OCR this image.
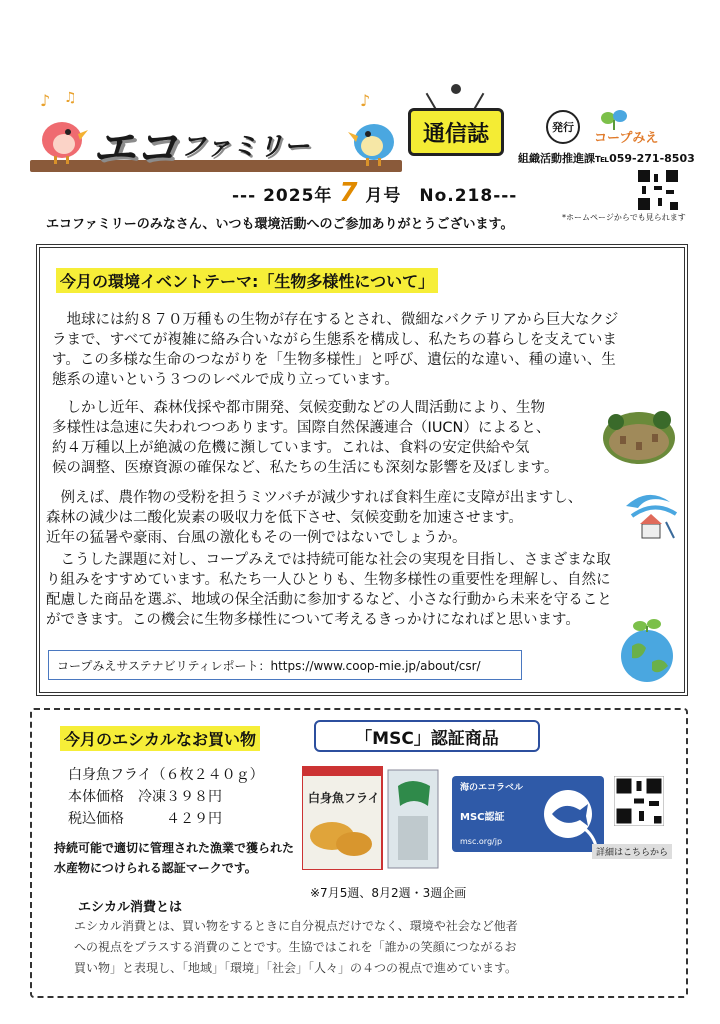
♪ ♫
エコ ファミリー
♪
通信誌	発行
コープみえ
組織活動推進課℡059-271-8503
--- 2025年 7 月号　No.218---
エコファミリーのみなさん、いつも環境活動へのご参加ありがとうございます。	*ホームページからでも見られます
今月の環境イベントテーマ:「生物多様性について」
　地球には約８７０万種もの生物が存在するとされ、微細なバクテリアから巨大なクジ
ラまで、すべてが複雑に絡み合いながら生態系を構成し、私たちの暮らしを支えていま
す。この多様な生命のつながりを「生物多様性」と呼び、遺伝的な違い、種の違い、生
態系の違いという３つのレベルで成り立っています。
　しかし近年、森林伐採や都市開発、気候変動などの人間活動により、生物
多様性は急速に失われつつあります。国際自然保護連合（IUCN）によると、
約４万種以上が絶滅の危機に瀕しています。これは、食料の安定供給や気
候の調整、医療資源の確保など、私たちの生活にも深刻な影響を及ぼします。
　例えば、農作物の受粉を担うミツバチが減少すれば食料生産に支障が出ますし、
森林の減少は二酸化炭素の吸収力を低下させ、気候変動を加速させます。
近年の猛暑や豪雨、台風の激化もその一例ではないでしょうか。
　こうした課題に対し、コープみえでは持続可能な社会の実現を目指し、さまざまな取
り組みをすすめています。私たち一人ひとりも、生物多様性の重要性を理解し、自然に
配慮した商品を選ぶ、地域の保全活動に参加するなど、小さな行動から未来を守ること
ができます。この機会に生物多様性について考えるきっかけになればと思います。
コープみえサステナビリティレポート：https://www.coop-mie.jp/about/csr/
今月のエシカルなお買い物	「MSC」認証商品
白身魚フライ（６枚２４０ｇ）
本体価格　冷凍３９８円
税込価格　　　４２９円
持続可能で適切に管理された漁業で獲られた水産物につけられる認証マークです。
白身魚フライ
海のエコラベル
MSC認証
msc.org/jp
詳細はこちらから
※7月5週、8月2週・3週企画
エシカル消費とは
エシカル消費とは、買い物をするときに自分視点だけでなく、環境や社会など他者
への視点をプラスする消費のことです。生協ではこれを「誰かの笑顔につながるお
買い物」と表現し、「地域」「環境」「社会」「人々」の４つの視点で進めています。
